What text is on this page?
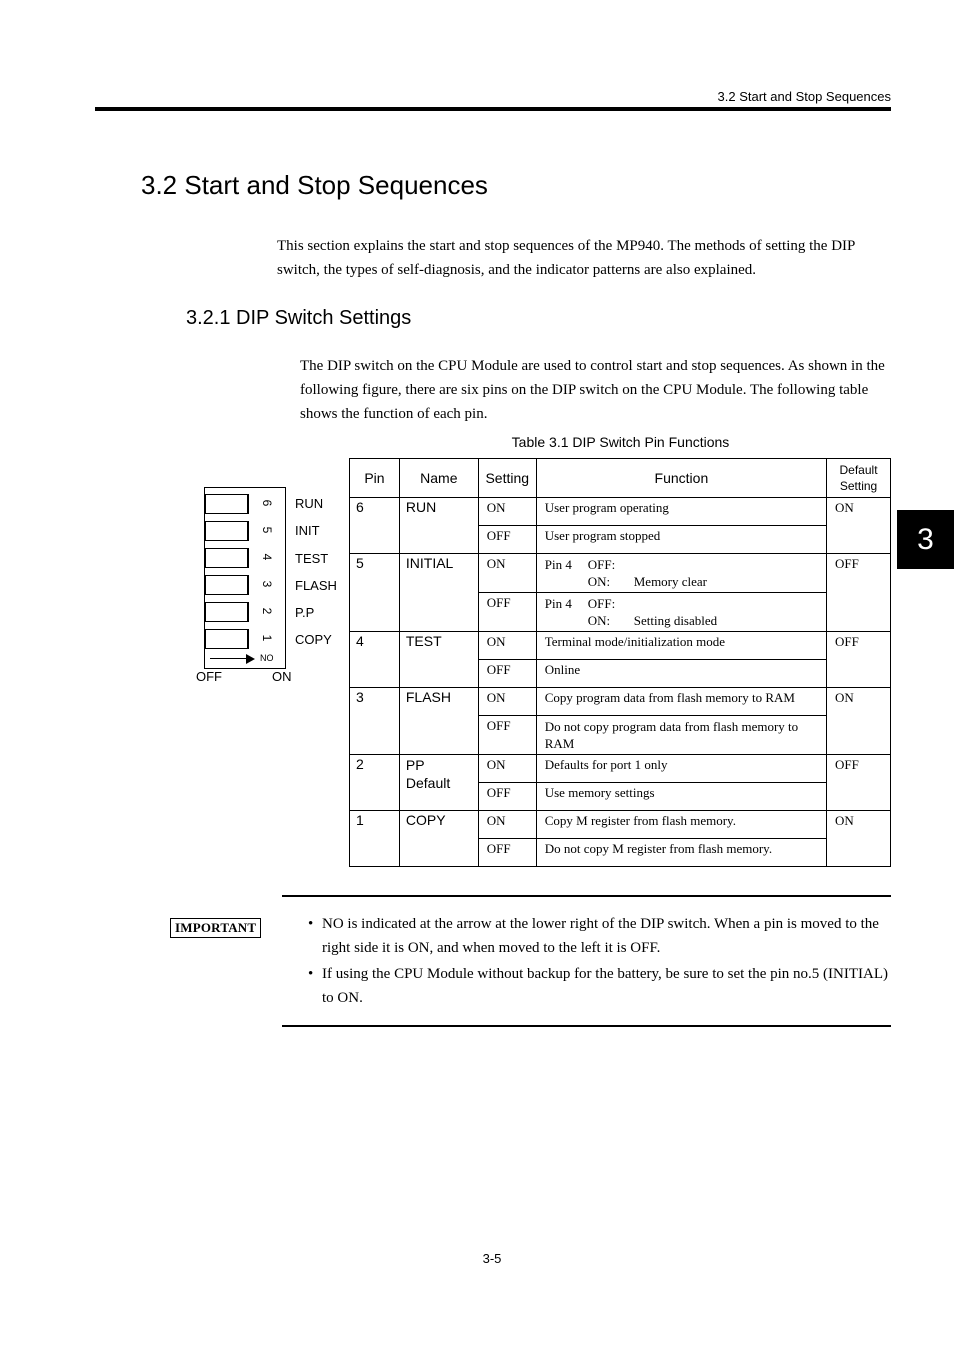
3.2 Start and Stop Sequences
3.2 Start and Stop Sequences
This section explains the start and stop sequences of the MP940. The methods of setting the DIP switch, the types of self-diagnosis, and the indicator patterns are also explained.
3.2.1 DIP Switch Settings
The DIP switch on the CPU Module are used to control start and stop sequences. As shown in the following figure, there are six pins on the DIP switch on the CPU Module. The following table shows the function of each pin.
3
6
5
4
3
2
1
NO
OFF	ON
RUN
INIT
TEST
FLASH
P.P
COPY
Table 3.1 DIP Switch Pin Functions
Pin	Name	Setting	Function	Default Setting
6	RUN	ON	User program operating	ON
		OFF	User program stopped	
5	INITIAL	ON	Pin 4 OFF:
ON: Memory clear	OFF
		OFF	Pin 4 OFF:
ON: Setting disabled	

4	TEST	ON	Terminal mode/initialization mode	OFF
		OFF	Online	
3	FLASH	ON	Copy program data from flash memory to RAM	ON
		OFF	Do not copy program data from flash memory to RAM	
2	PP Default	ON	Defaults for port 1 only	OFF
		OFF	Use memory settings	
1	COPY	ON	Copy M register from flash memory.	ON
		OFF	Do not copy M register from flash memory.	
IMPORTANT	• NO is indicated at the arrow at the lower right of the DIP switch. When a pin is moved to the right side it is ON, and when moved to the left it is OFF.
• If using the CPU Module without backup for the battery, be sure to set the pin no.5 (INITIAL) to ON.
3-5
